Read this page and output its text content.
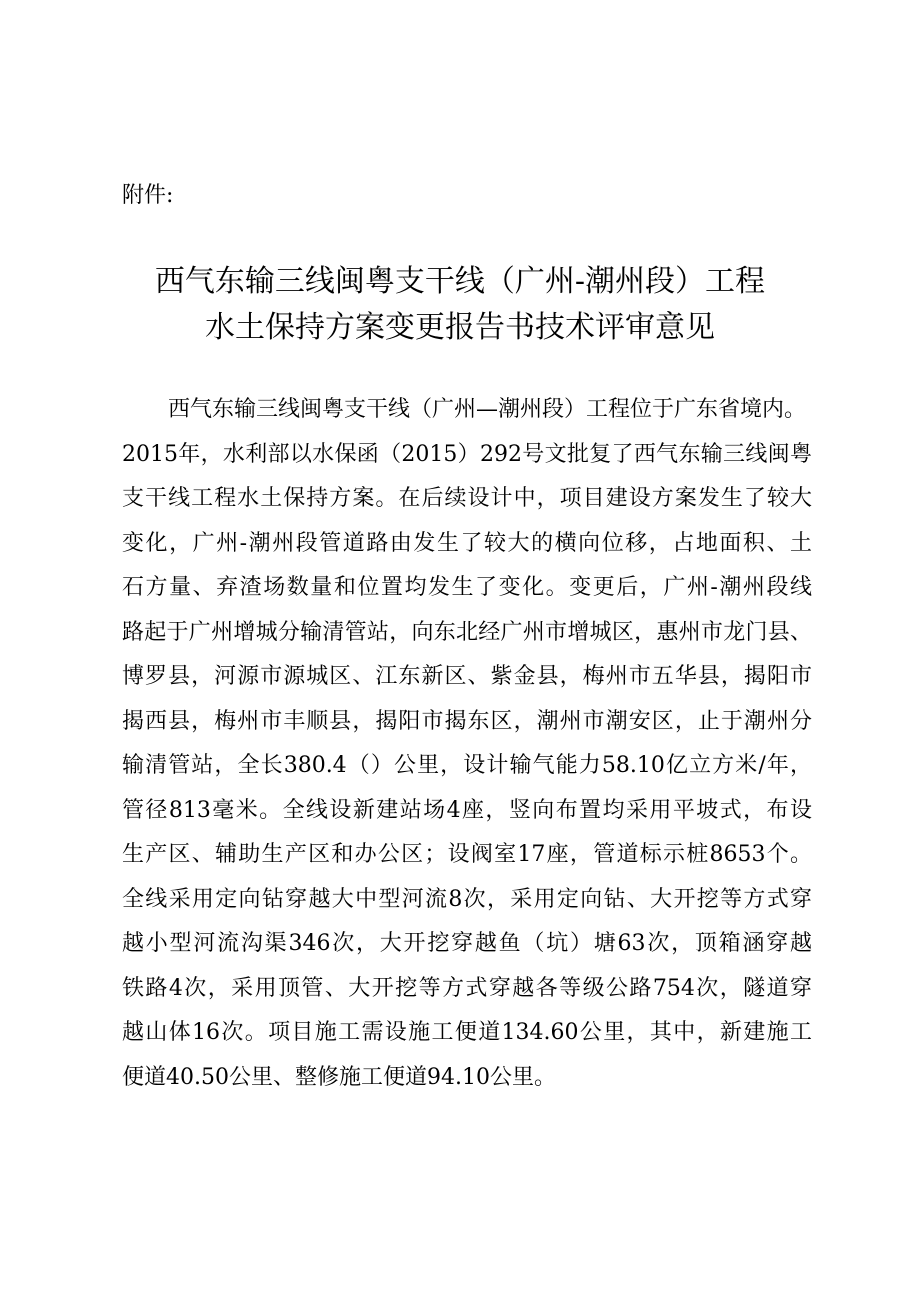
附件:

西气东输三线闽粤支干线（广州-潮州段）工程
水土保持方案变更报告书技术评审意见
西气东输三线闽粤支干线（广州—潮州段）工程位于广东省境内。
2015年，水利部以水保函（2015）292号文批复了西气东输三线闽粤
支干线工程水土保持方案。在后续设计中，项目建设方案发生了较大
变化，广州-潮州段管道路由发生了较大的横向位移，占地面积、土
石方量、弃渣场数量和位置均发生了变化。变更后，广州-潮州段线
路起于广州增城分输清管站，向东北经广州市增城区，惠州市龙门县、
博罗县，河源市源城区、江东新区、紫金县，梅州市五华县，揭阳市
揭西县，梅州市丰顺县，揭阳市揭东区，潮州市潮安区，止于潮州分
输清管站，全长380.4（）公里，设计输气能力58.10亿立方米/年，
管径813毫米。全线设新建站场4座，竖向布置均采用平坡式，布设
生产区、辅助生产区和办公区；设阀室17座，管道标示桩8653个。
全线采用定向钻穿越大中型河流8次，采用定向钻、大开挖等方式穿
越小型河流沟渠346次，大开挖穿越鱼（坑）塘63次，顶箱涵穿越
铁路4次，采用顶管、大开挖等方式穿越各等级公路754次，隧道穿
越山体16次。项目施工需设施工便道134.60公里，其中，新建施工
便道40.50公里、整修施工便道94.10公里。
